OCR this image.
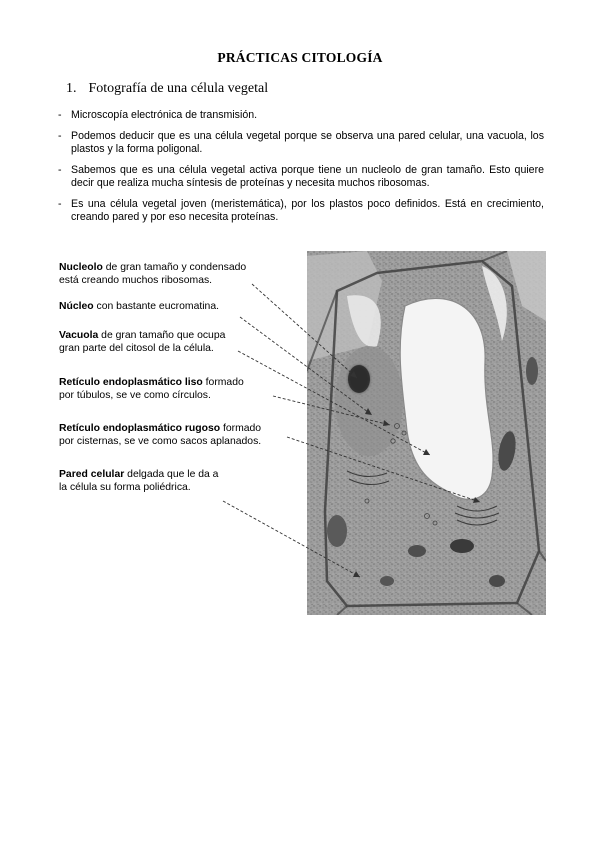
PRÁCTICAS CITOLOGÍA
1. Fotografía de una célula vegetal
- Microscopía electrónica de transmisión.
- Podemos deducir que es una célula vegetal porque se observa una pared celular, una vacuola, los plastos y la forma poligonal.
- Sabemos que es una célula vegetal activa porque tiene un nucleolo de gran tamaño. Esto quiere decir que realiza mucha síntesis de proteínas y necesita muchos ribosomas.
- Es una célula vegetal joven (meristemática), por los plastos poco definidos. Está en crecimiento, creando pared y por eso necesita proteínas.
Nucleolo de gran tamaño y condensado
está creando muchos ribosomas.
Núcleo con bastante eucromatina.
Vacuola de gran tamaño que ocupa
gran parte del citosol de la célula.
Retículo endoplasmático liso formado
por túbulos, se ve como círculos.
Retículo endoplasmático rugoso formado
por cisternas, se ve como sacos aplanados.
Pared celular delgada que le da a
la célula su forma poliédrica.
